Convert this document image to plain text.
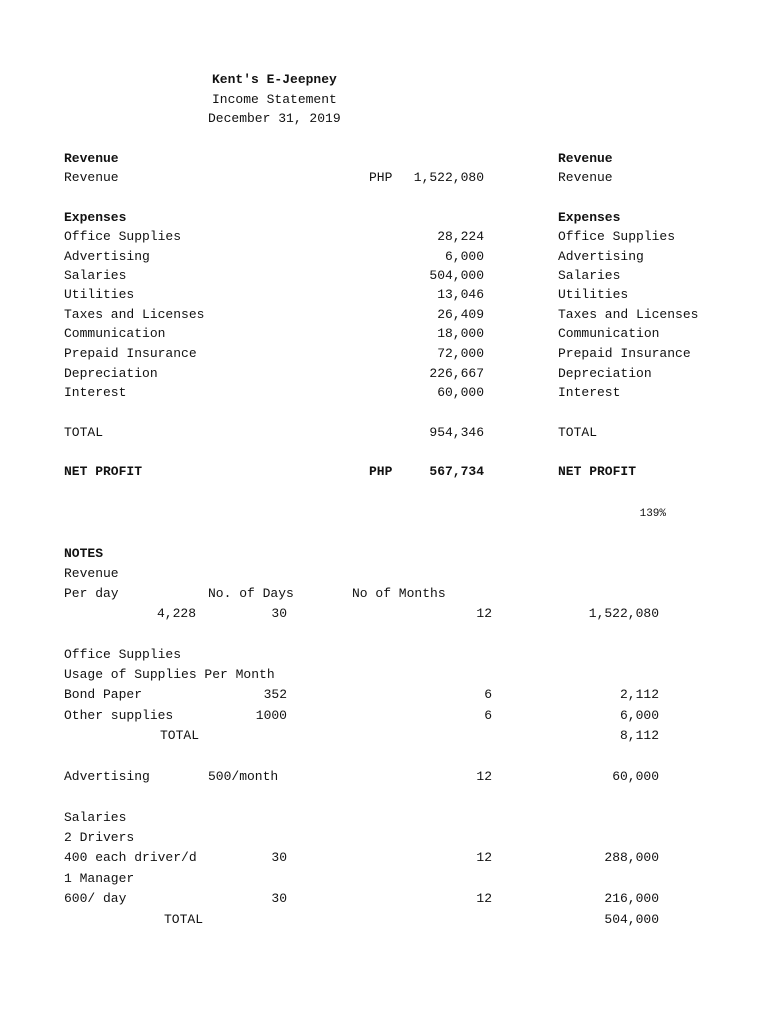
Kent's E-Jeepney
Income Statement
December 31, 2019
Revenue
Revenue	PHP	1,522,080
Expenses
Office Supplies	28,224
Advertising	6,000
Salaries	504,000
Utilities	13,046
Taxes and Licenses	26,409
Communication	18,000
Prepaid Insurance	72,000
Depreciation	226,667
Interest	60,000
TOTAL	954,346
NET PROFIT	PHP	567,734
Revenue
Revenue
Expenses
Office Supplies
Advertising
Salaries
Utilities
Taxes and Licenses
Communication
Prepaid Insurance
Depreciation
Interest
TOTAL
NET PROFIT
139%
NOTES
Revenue
Per day	No. of Days	No of Months
4,228	30	12	1,522,080
Office Supplies
Usage of Supplies Per Month
Bond Paper	352	6	2,112
Other supplies	1000	6	6,000
TOTAL	8,112
Advertising	500/month	12	60,000
Salaries
2 Drivers
400 each driver/d	30	12	288,000
1 Manager
600/ day	30	12	216,000
TOTAL	504,000
